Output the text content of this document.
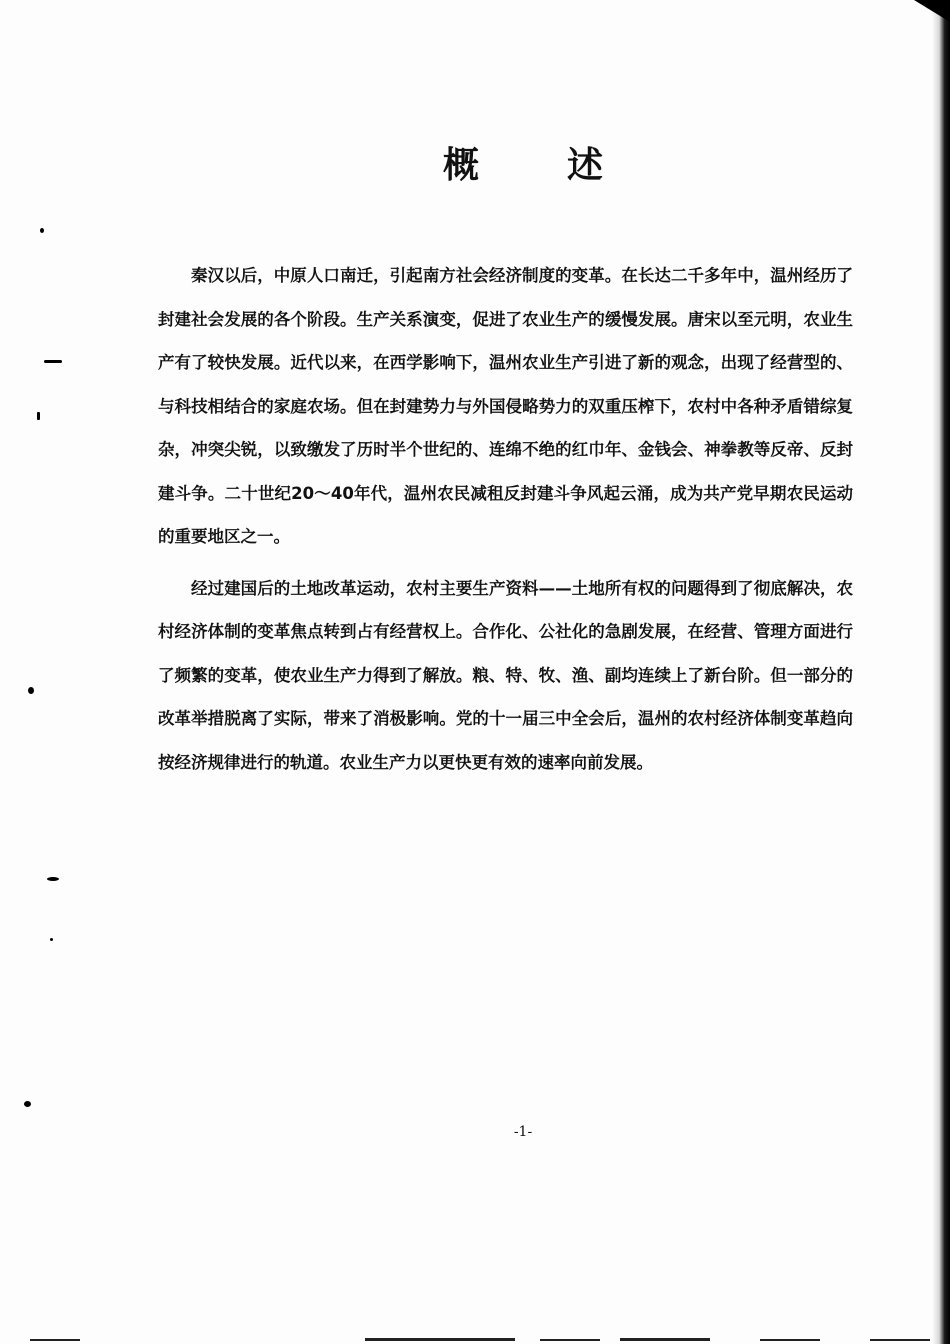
概 述

秦汉以后，中原人口南迁，引起南方社会经济制度的变革。在长达二千多年中，温州经历了封建社会发展的各个阶段。生产关系演变，促进了农业生产的缓慢发展。唐宋以至元明，农业生产有了较快发展。近代以来，在西学影响下，温州农业生产引进了新的观念，出现了经营型的、与科技相结合的家庭农场。但在封建势力与外国侵略势力的双重压榨下，农村中各种矛盾错综复杂，冲突尖锐，以致缴发了历时半个世纪的、连绵不绝的红巾年、金钱会、神拳教等反帝、反封建斗争。二十世纪20～40年代，温州农民减租反封建斗争风起云涌，成为共产党早期农民运动的重要地区之一。

经过建国后的土地改革运动，农村主要生产资料——土地所有权的问题得到了彻底解决，农村经济体制的变革焦点转到占有经营权上。合作化、公社化的急剧发展，在经营、管理方面进行了频繁的变革，使农业生产力得到了解放。粮、特、牧、渔、副均连续上了新台阶。但一部分的改革举措脱离了实际，带来了消极影响。党的十一届三中全会后，温州的农村经济体制变革趋向按经济规律进行的轨道。农业生产力以更快更有效的速率向前发展。

-1-
